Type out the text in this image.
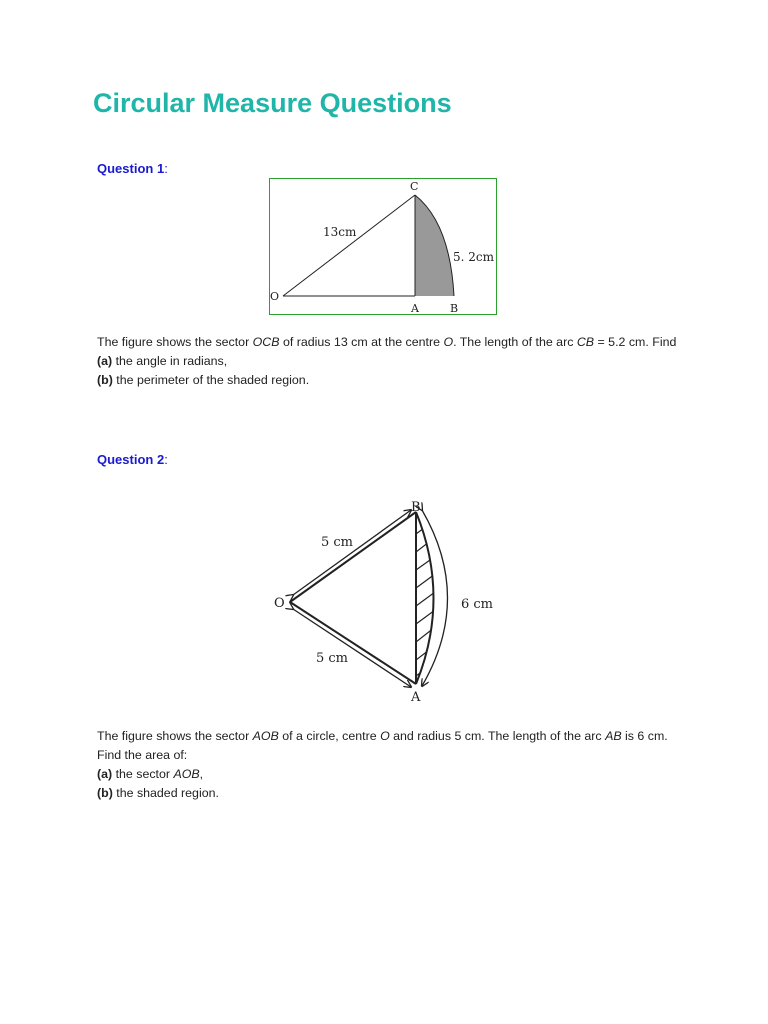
Circular Measure Questions
Question 1:
C
O
A	B
13cm
5. 2cm

The figure shows the sector OCB of radius 13 cm at the centre O. The length of the arc CB = 5.2 cm. Find

(a) the angle in radians,

(b) the perimeter of the shaded region.

Question 2:
B
O
A
5 cm
5 cm
6 cm

The figure shows the sector AOB of a circle, centre O and radius 5 cm. The length of the arc AB is 6 cm. Find the area of:

(a) the sector AOB,

(b) the shaded region.
